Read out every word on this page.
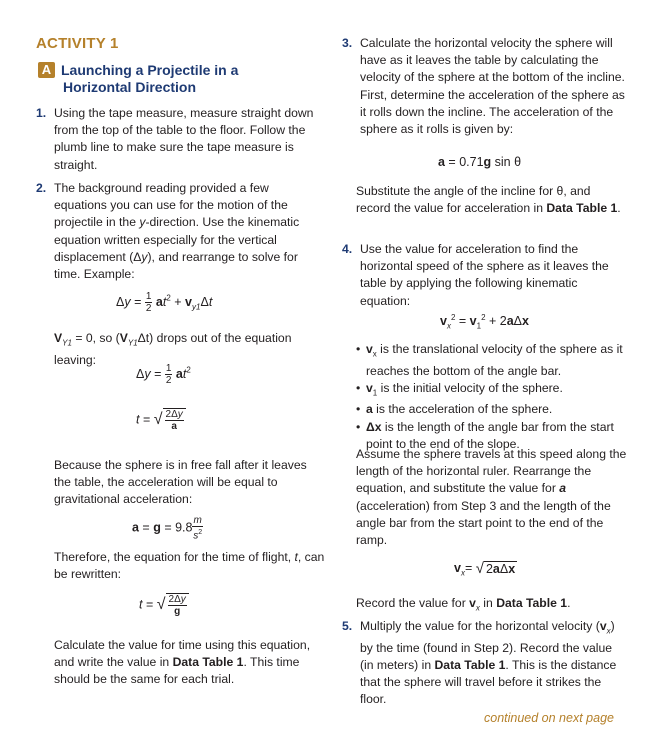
ACTIVITY 1
A Launching a Projectile in a
Horizontal Direction
1. Using the tape measure, measure straight down from the top of the table to the floor. Follow the plumb line to make sure the tape measure is straight.
2. The background reading provided a few equations you can use for the motion of the projectile in the y-direction. Use the kinematic equation written especially for the vertical displacement (Δy), and rearrange to solve for time. Example:
$\Delta y = \frac{1}{2} at^2 + v_{y1}\Delta t$
$V_{Y1} = 0$, so $(V_{Y1}\Delta t)$ drops out of the equation leaving:
$\Delta y = \frac{1}{2} at^2$
t = √ $\frac{2\Delta y}{a}$
Because the sphere is in free fall after it leaves the table, the acceleration will be equal to gravitational acceleration:
$a = g = 9.8 \frac{m}{s^2}$
Therefore, the equation for the time of flight, t, can be rewritten:
t = √ $\frac{2\Delta y}{g}$
Calculate the value for time using this equation, and write the value in Data Table 1. This time should be the same for each trial.
3. Calculate the horizontal velocity the sphere will have as it leaves the table by calculating the velocity of the sphere at the bottom of the incline. First, determine the acceleration of the sphere as it rolls down the incline. The acceleration of the sphere as it rolls is given by:
a = 0.71g sin θ
Substitute the angle of the incline for θ, and record the value for acceleration in Data Table 1.
4. Use the value for acceleration to find the horizontal speed of the sphere as it leaves the table by applying the following kinematic equation:
$v_x^2 = v_1^2 + 2a\Delta x$
• $v_x$ is the translational velocity of the sphere as it reaches the bottom of the angle bar.
• $v_1$ is the initial velocity of the sphere.
• a is the acceleration of the sphere.
• Δx is the length of the angle bar from the start point to the end of the slope.
Assume the sphere travels at this speed along the length of the horizontal ruler. Rearrange the equation, and substitute the value for a (acceleration) from Step 3 and the length of the angle bar from the start point to the end of the ramp.
$v_x=$ √ 2aΔx
Record the value for $v_x$ in Data Table 1.
5. Multiply the value for the horizontal velocity $(v_x)$ by the time (found in Step 2). Record the value (in meters) in Data Table 1. This is the distance that the sphere will travel before it strikes the floor.
continued on next page
